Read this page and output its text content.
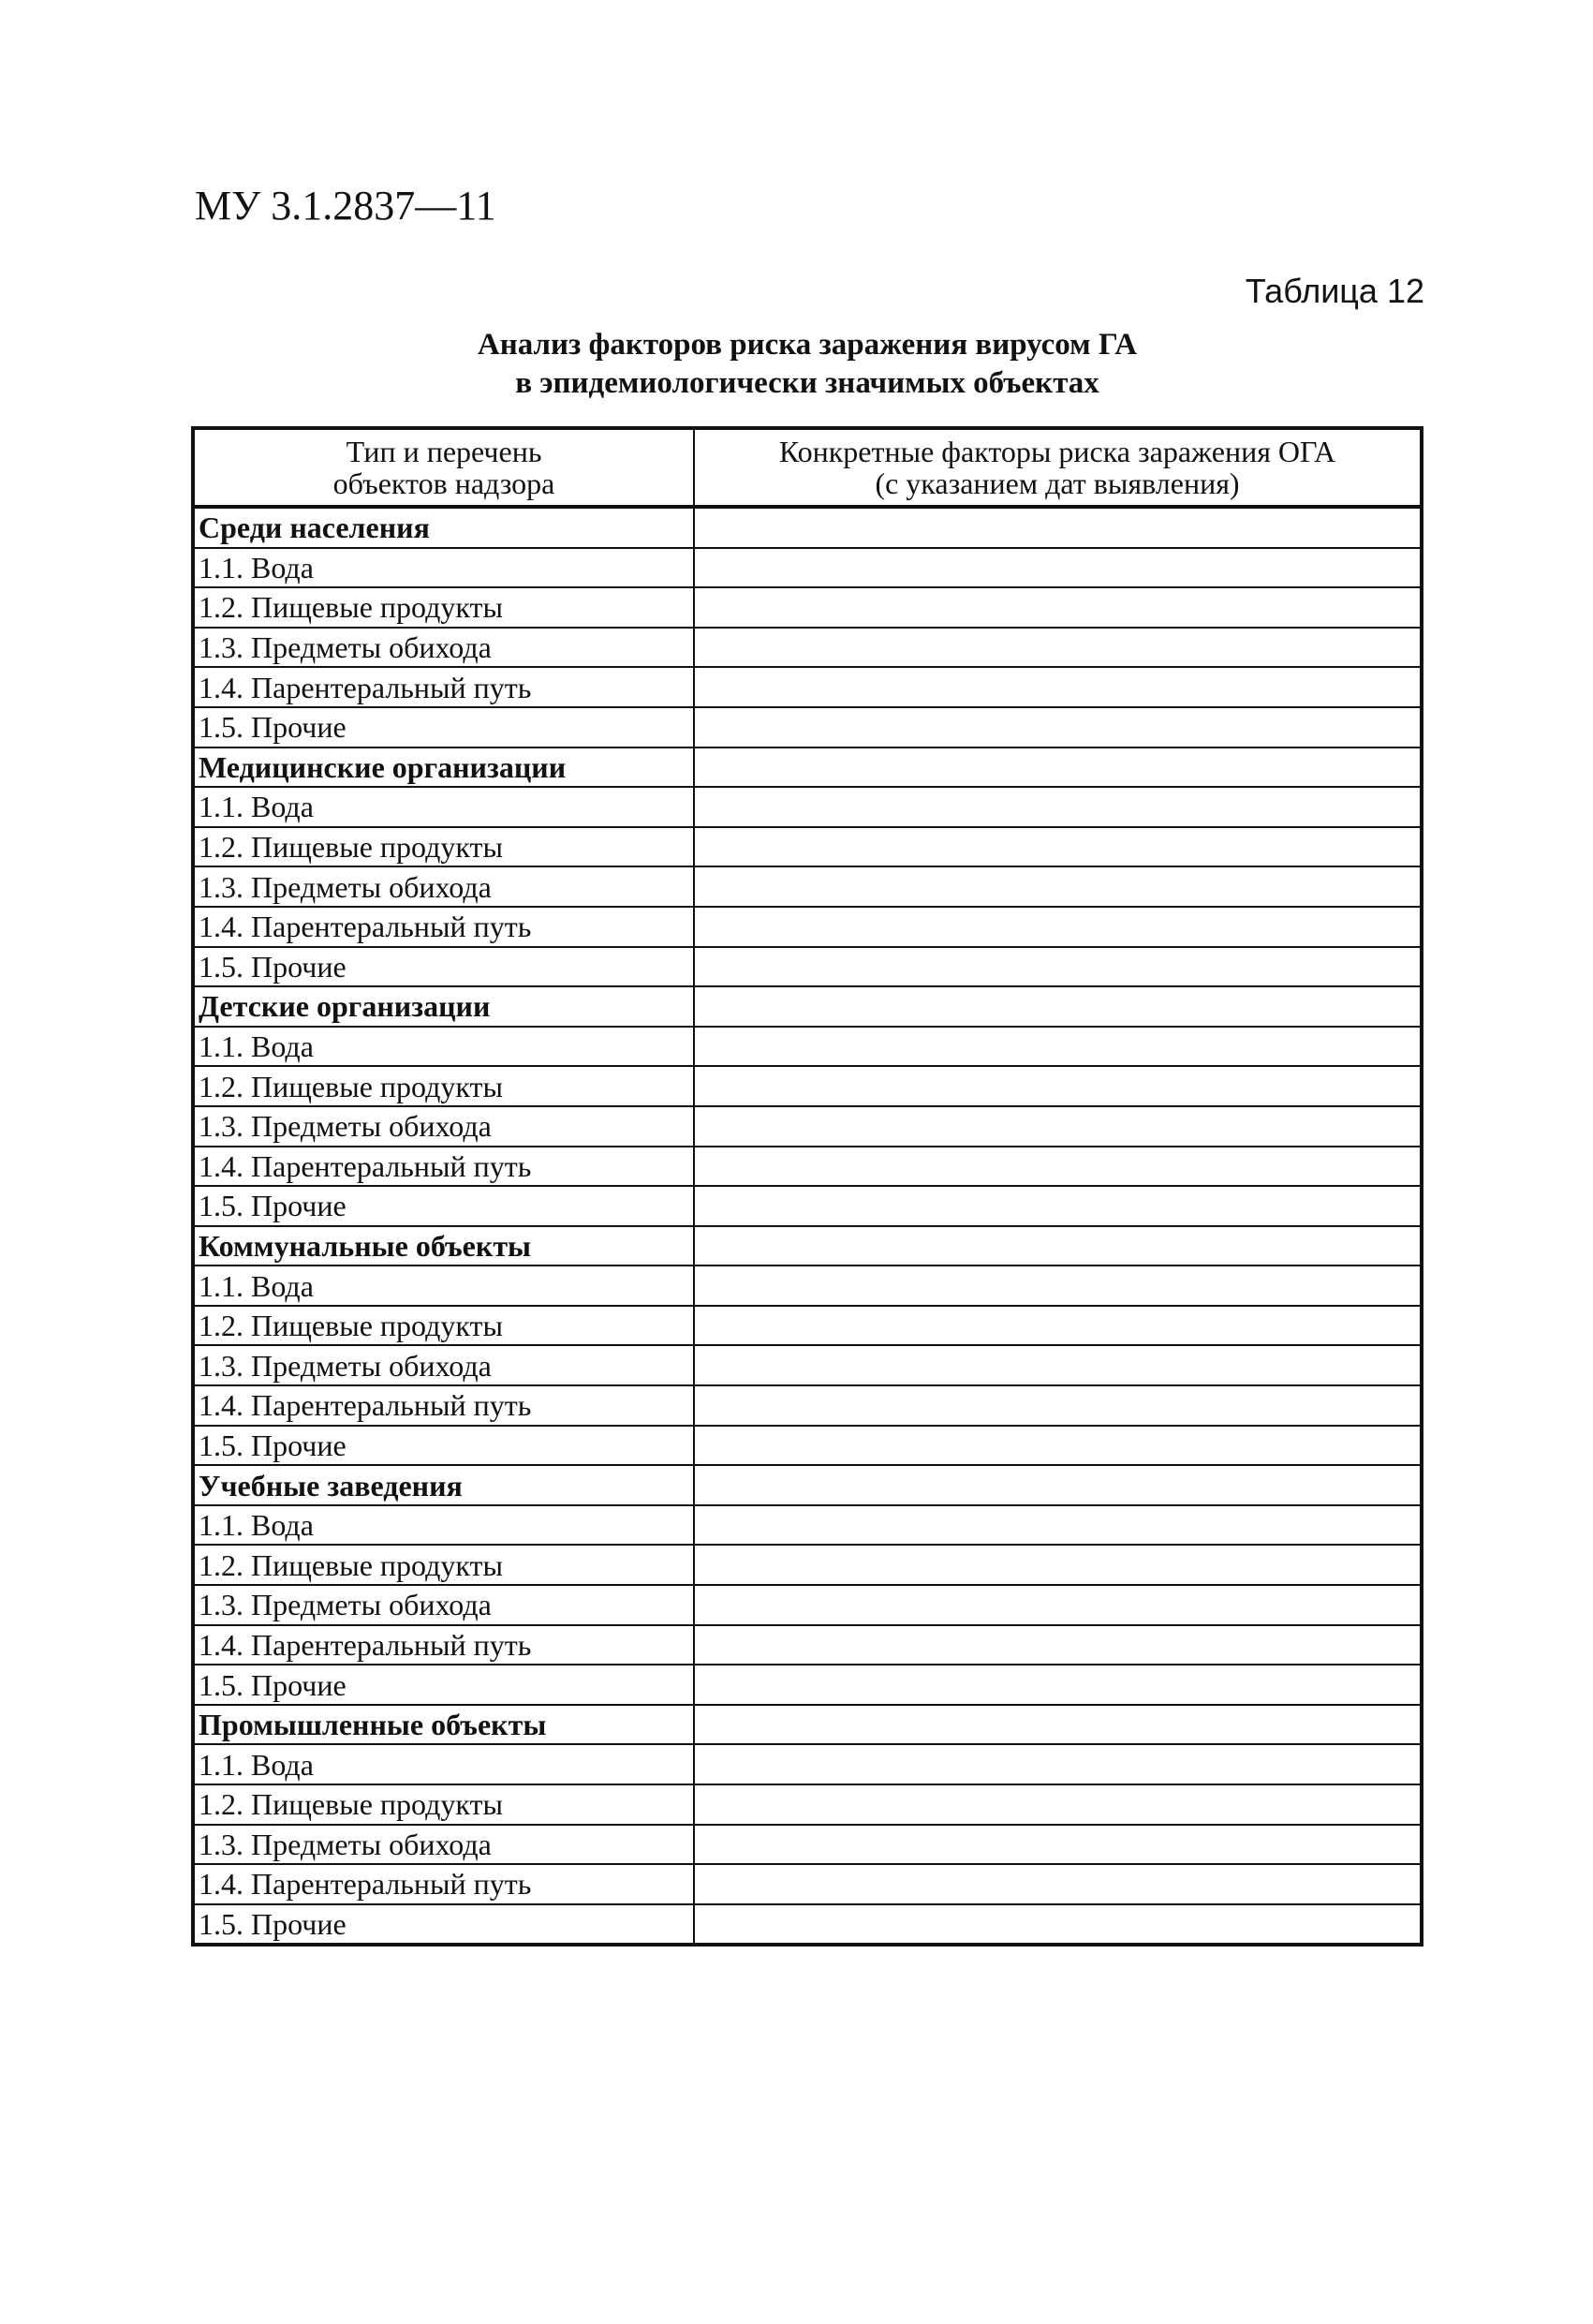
МУ 3.1.2837—11
Таблица 12
Анализ факторов риска заражения вирусом ГА
в эпидемиологически значимых объектах
Тип и перечень
объектов надзора	Конкретные факторы риска заражения ОГА
(с указанием дат выявления)

Среди населения	
1.1. Вода	
1.2. Пищевые продукты	
1.3. Предметы обихода	
1.4. Парентеральный путь	
1.5. Прочие	
Медицинские организации	
1.1. Вода	
1.2. Пищевые продукты	
1.3. Предметы обихода	
1.4. Парентеральный путь	
1.5. Прочие	
Детские организации	
1.1. Вода	
1.2. Пищевые продукты	
1.3. Предметы обихода	
1.4. Парентеральный путь	
1.5. Прочие	
Коммунальные объекты	
1.1. Вода	
1.2. Пищевые продукты	
1.3. Предметы обихода	
1.4. Парентеральный путь	
1.5. Прочие	
Учебные заведения	
1.1. Вода	
1.2. Пищевые продукты	
1.3. Предметы обихода	
1.4. Парентеральный путь	
1.5. Прочие	
Промышленные объекты	
1.1. Вода	
1.2. Пищевые продукты	
1.3. Предметы обихода	
1.4. Парентеральный путь	
1.5. Прочие	
